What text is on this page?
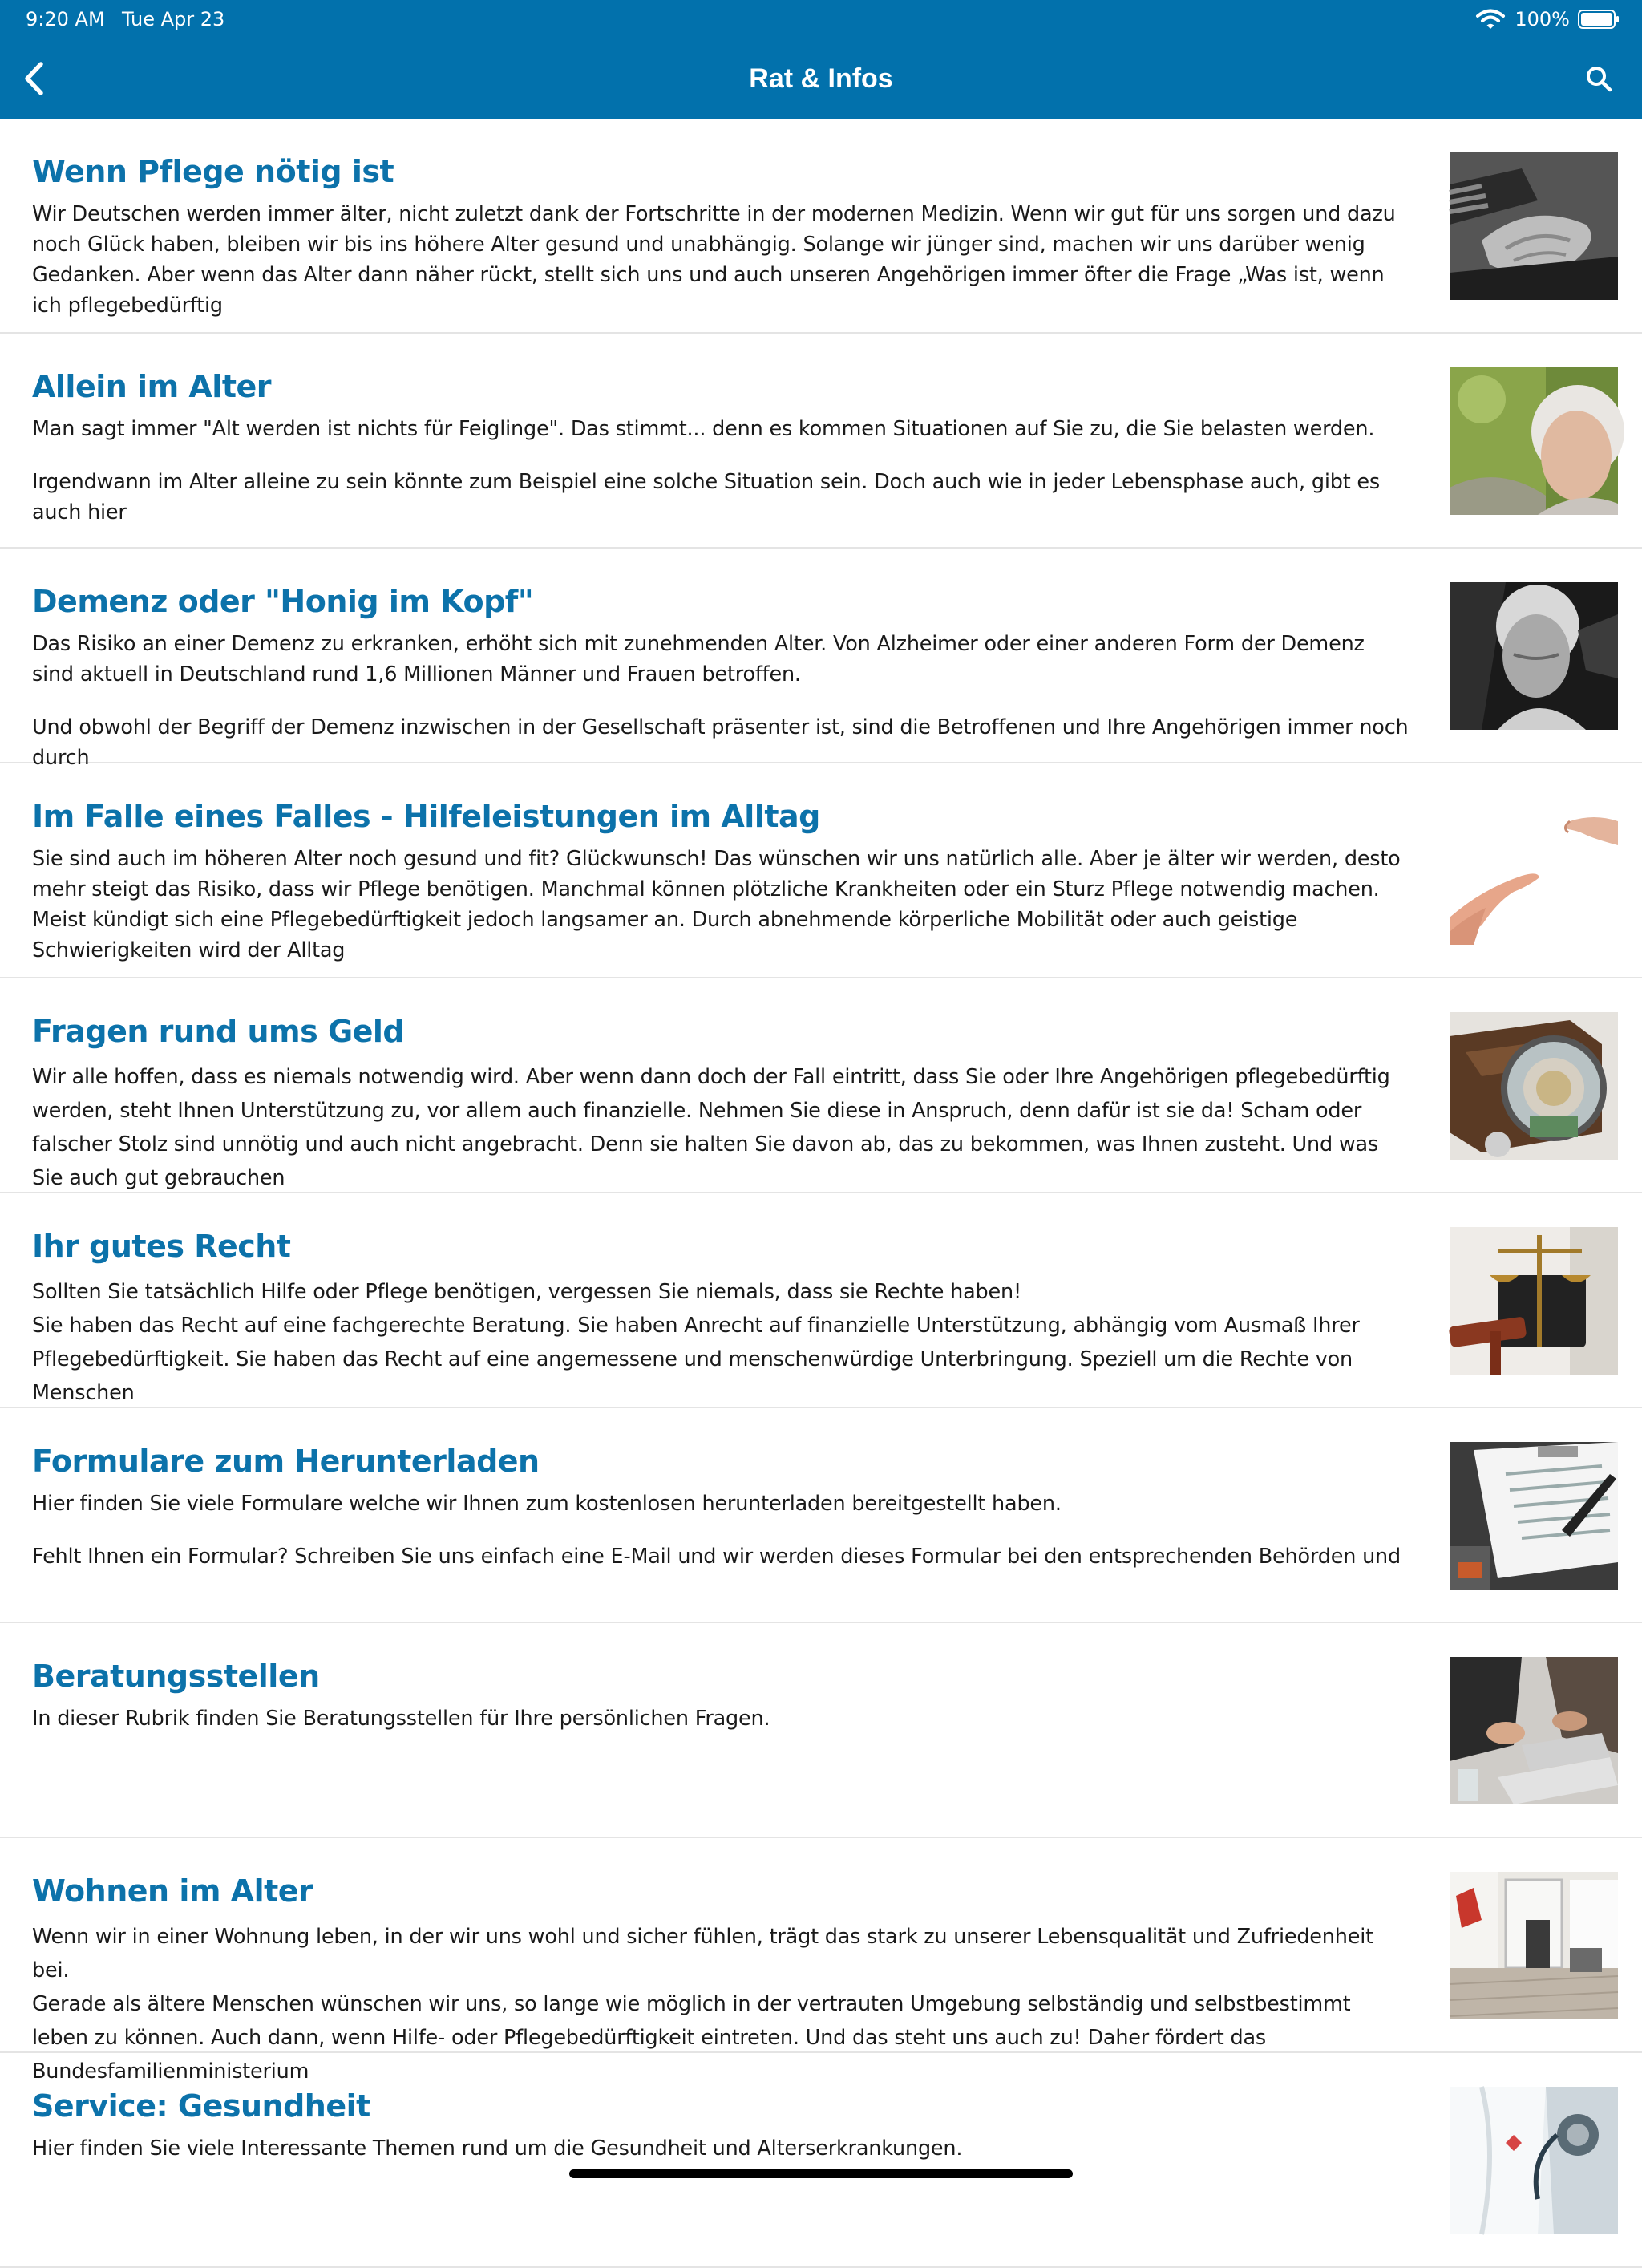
9:20 AM Tue Apr 23	100%
Rat & Infos
Wenn Pflege nötig ist

Wir Deutschen werden immer älter, nicht zuletzt dank der Fortschritte in der modernen Medizin. Wenn wir gut für uns sorgen und dazu noch Glück haben, bleiben wir bis ins höhere Alter gesund und unabhängig. Solange wir jünger sind, machen wir uns darüber wenig Gedanken. Aber wenn das Alter dann näher rückt, stellt sich uns und auch unseren Angehörigen immer öfter die Frage „Was ist, wenn ich pflegebedürftig

Allein im Alter

Man sagt immer "Alt werden ist nichts für Feiglinge". Das stimmt... denn es kommen Situationen auf Sie zu, die Sie belasten werden.

Irgendwann im Alter alleine zu sein könnte zum Beispiel eine solche Situation sein. Doch auch wie in jeder Lebensphase auch, gibt es auch hier

Demenz oder "Honig im Kopf"

Das Risiko an einer Demenz zu erkranken, erhöht sich mit zunehmenden Alter. Von Alzheimer oder einer anderen Form der Demenz sind aktuell in Deutschland rund 1,6 Millionen Männer und Frauen betroffen.

Und obwohl der Begriff der Demenz inzwischen in der Gesellschaft präsenter ist, sind die Betroffenen und Ihre Angehörigen immer noch durch

Im Falle eines Falles - Hilfeleistungen im Alltag

Sie sind auch im höheren Alter noch gesund und fit? Glückwunsch! Das wünschen wir uns natürlich alle. Aber je älter wir werden, desto mehr steigt das Risiko, dass wir Pflege benötigen. Manchmal können plötzliche Krankheiten oder ein Sturz Pflege notwendig machen. Meist kündigt sich eine Pflegebedürftigkeit jedoch langsamer an. Durch abnehmende körperliche Mobilität oder auch geistige Schwierigkeiten wird der Alltag

Fragen rund ums Geld

Wir alle hoffen, dass es niemals notwendig wird. Aber wenn dann doch der Fall eintritt, dass Sie oder Ihre Angehörigen pflegebedürftig werden, steht Ihnen Unterstützung zu, vor allem auch finanzielle. Nehmen Sie diese in Anspruch, denn dafür ist sie da! Scham oder falscher Stolz sind unnötig und auch nicht angebracht. Denn sie halten Sie davon ab, das zu bekommen, was Ihnen zusteht. Und was Sie auch gut gebrauchen

Ihr gutes Recht

Sollten Sie tatsächlich Hilfe oder Pflege benötigen, vergessen Sie niemals, dass sie Rechte haben!

Sie haben das Recht auf eine fachgerechte Beratung. Sie haben Anrecht auf finanzielle Unterstützung, abhängig vom Ausmaß Ihrer Pflegebedürftigkeit. Sie haben das Recht auf eine angemessene und menschenwürdige Unterbringung. Speziell um die Rechte von Menschen

Formulare zum Herunterladen

Hier finden Sie viele Formulare welche wir Ihnen zum kostenlosen herunterladen bereitgestellt haben.

Fehlt Ihnen ein Formular? Schreiben Sie uns einfach eine E-Mail und wir werden dieses Formular bei den entsprechenden Behörden und

Beratungsstellen

In dieser Rubrik finden Sie Beratungsstellen für Ihre persönlichen Fragen.

Wohnen im Alter

Wenn wir in einer Wohnung leben, in der wir uns wohl und sicher fühlen, trägt das stark zu unserer Lebensqualität und Zufriedenheit bei.

Gerade als ältere Menschen wünschen wir uns, so lange wie möglich in der vertrauten Umgebung selbständig und selbstbestimmt leben zu können. Auch dann, wenn Hilfe- oder Pflegebedürftigkeit eintreten. Und das steht uns auch zu! Daher fördert das Bundesfamilienministerium

Service: Gesundheit

Hier finden Sie viele Interessante Themen rund um die Gesundheit und Alterserkrankungen.
